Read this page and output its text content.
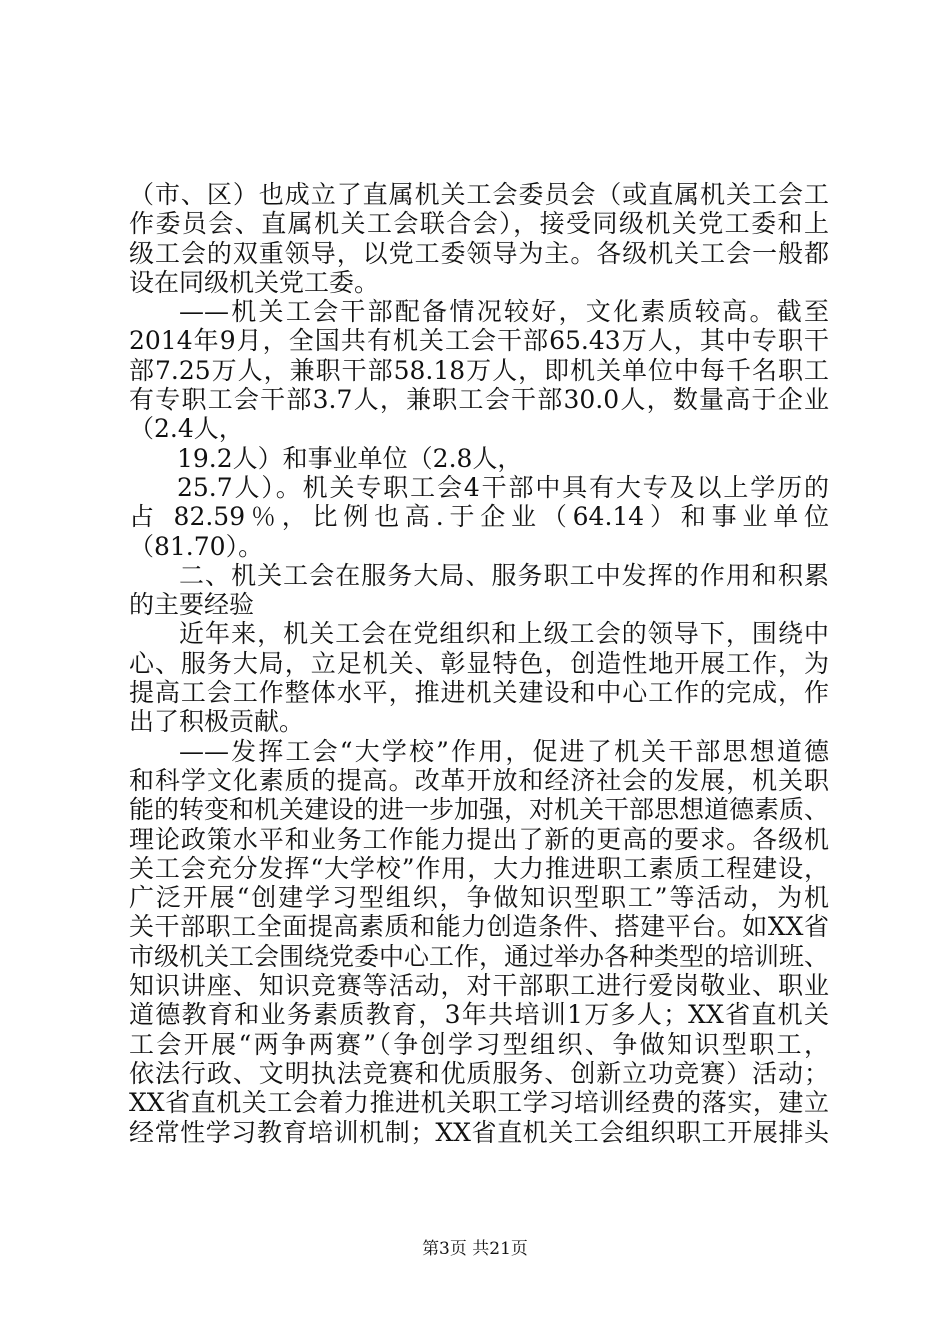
（市、区）也成立了直属机关工会委员会（或直属机关工会工
作委员会、直属机关工会联合会），接受同级机关党工委和上
级工会的双重领导，以党工委领导为主。各级机关工会一般都
设在同级机关党工委。
——机关工会干部配备情况较好，文化素质较高。截至
2014年9月，全国共有机关工会干部65.43万人，其中专职干
部7.25万人，兼职干部58.18万人，即机关单位中每千名职工
有专职工会干部3.7人，兼职工会干部30.0人，数量高于企业
（2.4人，
19.2人）和事业单位（2.8人，
25.7人）。机关专职工会4干部中具有大专及以上学历的
占 82.59％，比例也高.于企业（64.14）和事业单位
（81.70）。
二、机关工会在服务大局、服务职工中发挥的作用和积累
的主要经验
近年来，机关工会在党组织和上级工会的领导下，围绕中
心、服务大局，立足机关、彰显特色，创造性地开展工作，为
提高工会工作整体水平，推进机关建设和中心工作的完成，作
出了积极贡献。
——发挥工会“大学校”作用，促进了机关干部思想道德
和科学文化素质的提高。改革开放和经济社会的发展，机关职
能的转变和机关建设的进一步加强，对机关干部思想道德素质、
理论政策水平和业务工作能力提出了新的更高的要求。各级机
关工会充分发挥“大学校”作用，大力推进职工素质工程建设，
广泛开展“创建学习型组织，争做知识型职工”等活动，为机
关干部职工全面提高素质和能力创造条件、搭建平台。如XX省
市级机关工会围绕党委中心工作，通过举办各种类型的培训班、
知识讲座、知识竞赛等活动，对干部职工进行爱岗敬业、职业
道德教育和业务素质教育，3年共培训1万多人；XX省直机关
工会开展“两争两赛”（争创学习型组织、争做知识型职工，
依法行政、文明执法竞赛和优质服务、创新立功竞赛）活动；
XX省直机关工会着力推进机关职工学习培训经费的落实，建立
经常性学习教育培训机制；XX省直机关工会组织职工开展排头
第3页 共21页
